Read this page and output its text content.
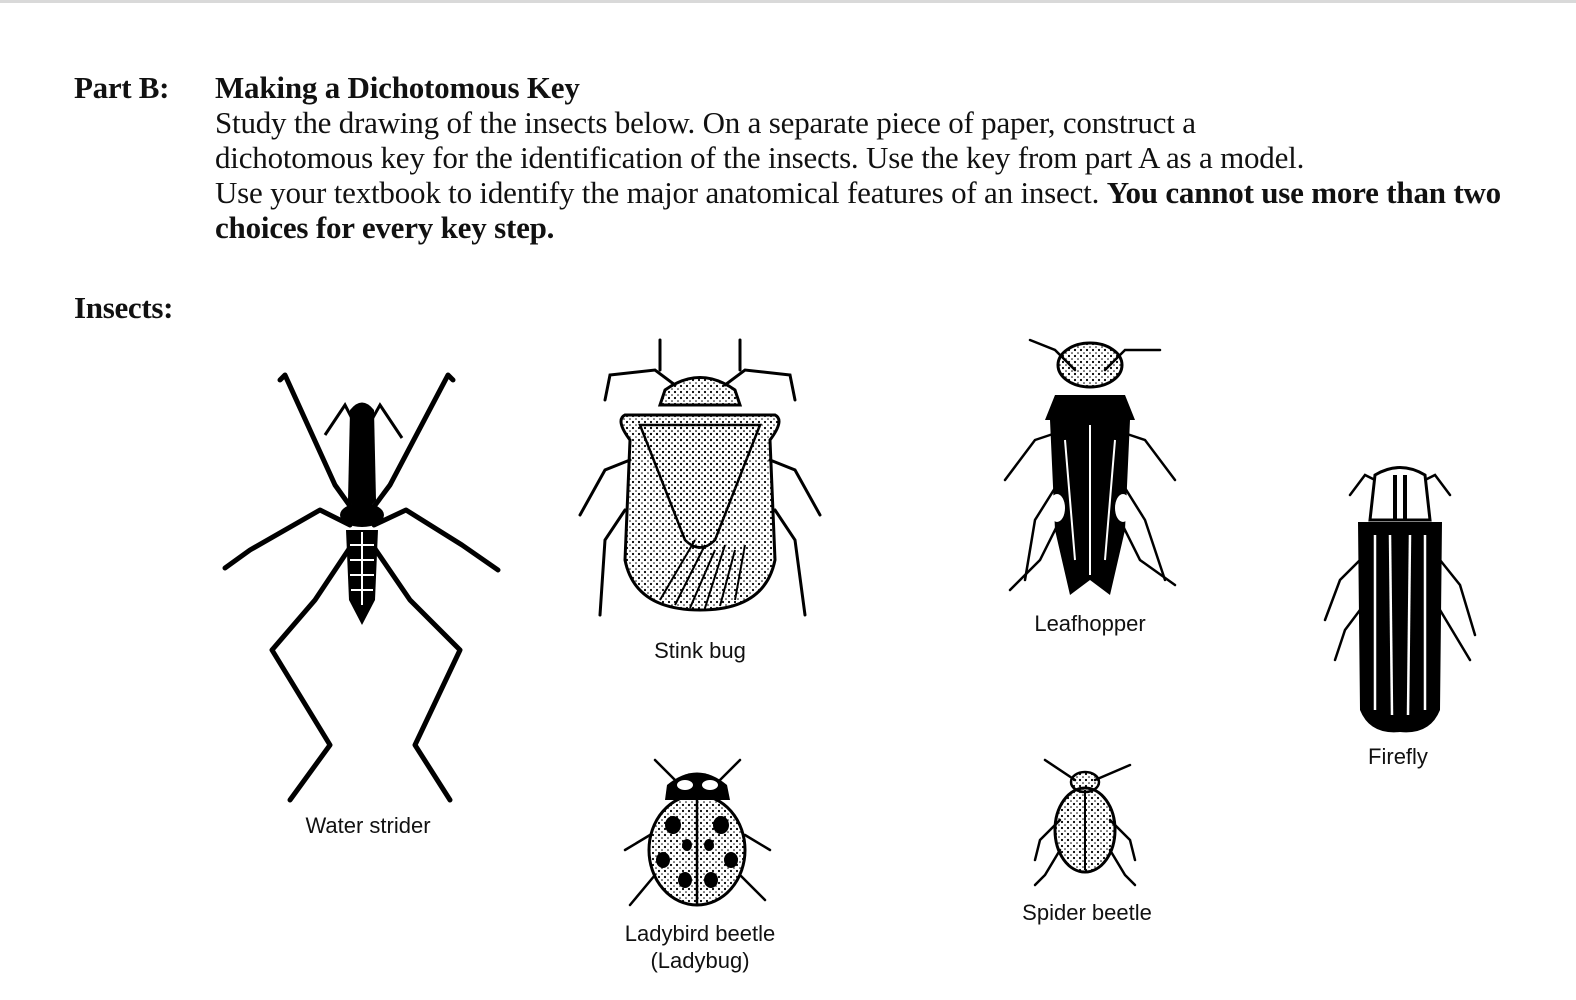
Part B: Making a Dichotomous Key
Study the drawing of the insects below. On a separate piece of paper, construct a
dichotomous key for the identification of the insects. Use the key from part A as a model.
Use your textbook to identify the major anatomical features of an insect. You cannot use more than two choices for every key step.
Insects:
Water strider
Stink bug
Leafhopper
Firefly
Ladybird beetle
(Ladybug)
Spider beetle
